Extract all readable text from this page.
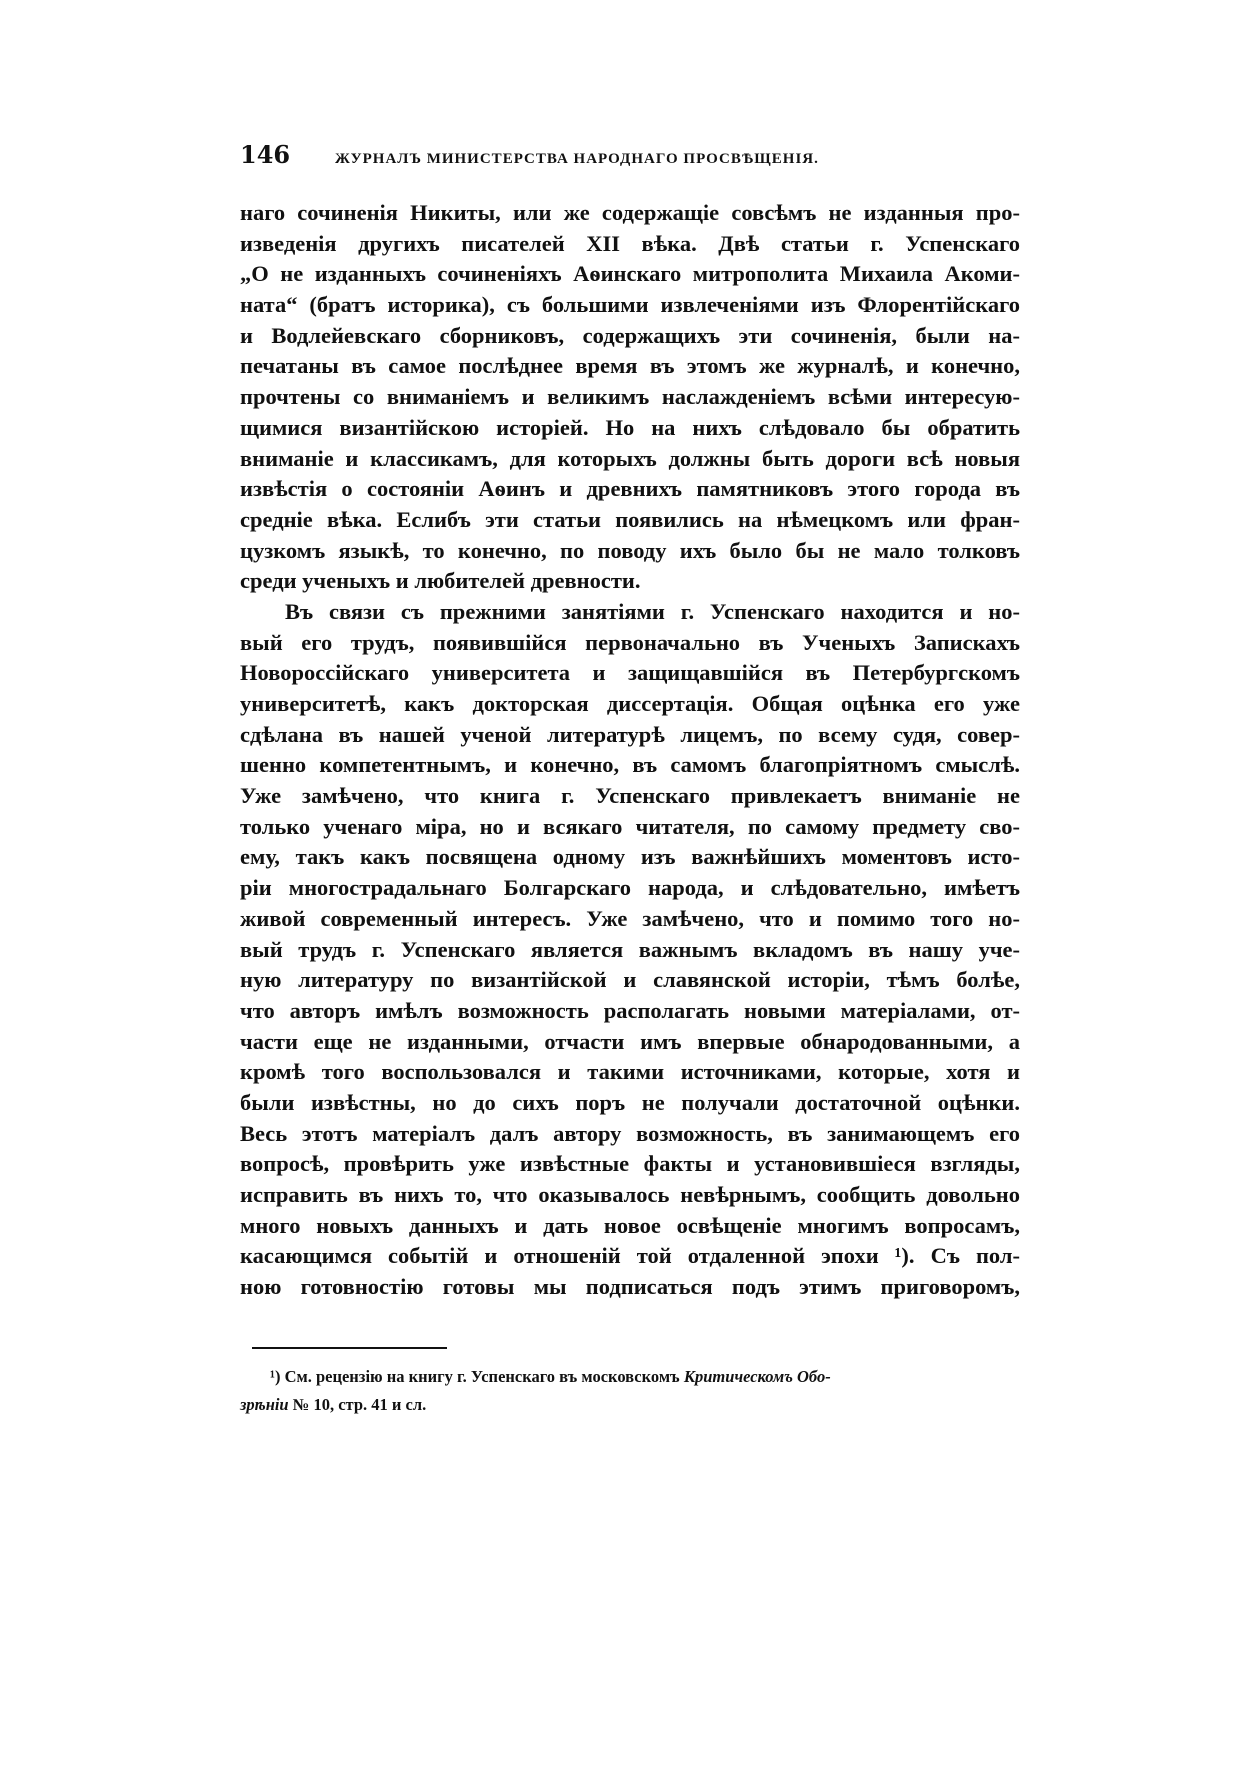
146	ЖУРНАЛЪ МИНИСТЕРСТВА НАРОДНАГО ПРОСВѢЩЕНІЯ.
наго сочиненія Никиты, или же содержащіе совсѣмъ не изданныя про-
изведенія другихъ писателей XII вѣка. Двѣ статьи г. Успенскаго
„О не изданныхъ сочиненіяхъ Аѳинскаго митрополита Михаила Акоми-
ната“ (братъ историка), съ большими извлеченіями изъ Флорентійскаго
и Водлейевскаго сборниковъ, содержащихъ эти сочиненія, были на-
печатаны въ самое послѣднее время въ этомъ же журналѣ, и конечно,
прочтены со вниманіемъ и великимъ наслажденіемъ всѣми интересую-
щимися византійскою исторіей. Но на нихъ слѣдовало бы обратить
вниманіе и классикамъ, для которыхъ должны быть дороги всѣ новыя
извѣстія о состояніи Аѳинъ и древнихъ памятниковъ этого города въ
средніе вѣка. Еслибъ эти статьи появились на нѣмецкомъ или фран-
цузкомъ языкѣ, то конечно, по поводу ихъ было бы не мало толковъ
среди ученыхъ и любителей древности.
Въ связи съ прежними занятіями г. Успенскаго находится и но-
вый его трудъ, появившійся первоначально въ Ученыхъ Запискахъ
Новороссійскаго университета и защищавшійся въ Петербургскомъ
университетѣ, какъ докторская диссертація. Общая оцѣнка его уже
сдѣлана въ нашей ученой литературѣ лицемъ, по всему судя, совер-
шенно компетентнымъ, и конечно, въ самомъ благопріятномъ смыслѣ.
Уже замѣчено, что книга г. Успенскаго привлекаетъ вниманіе не
только ученаго міра, но и всякаго читателя, по самому предмету сво-
ему, такъ какъ посвящена одному изъ важнѣйшихъ моментовъ исто-
ріи многострадальнаго Болгарскаго народа, и слѣдовательно, имѣетъ
живой современный интересъ. Уже замѣчено, что и помимо того но-
вый трудъ г. Успенскаго является важнымъ вкладомъ въ нашу уче-
ную литературу по византійской и славянской исторіи, тѣмъ болѣе,
что авторъ имѣлъ возможность располагать новыми матеріалами, от-
части еще не изданными, отчасти имъ впервые обнародованными, а
кромѣ того воспользовался и такими источниками, которые, хотя и
были извѣстны, но до сихъ поръ не получали достаточной оцѣнки.
Весь этотъ матеріалъ далъ автору возможность, въ занимающемъ его
вопросѣ, провѣрить уже извѣстные факты и установившіеся взгляды,
исправить въ нихъ то, что оказывалось невѣрнымъ, сообщить довольно
много новыхъ данныхъ и дать новое освѣщеніе многимъ вопросамъ,
касающимся событій и отношеній той отдаленной эпохи ¹). Съ пол-
ною готовностію готовы мы подписаться подъ этимъ приговоромъ,
¹) См. рецензію на книгу г. Успенскаго въ московскомъ Критическомъ Обо-
зрѣніи № 10, стр. 41 и сл.
